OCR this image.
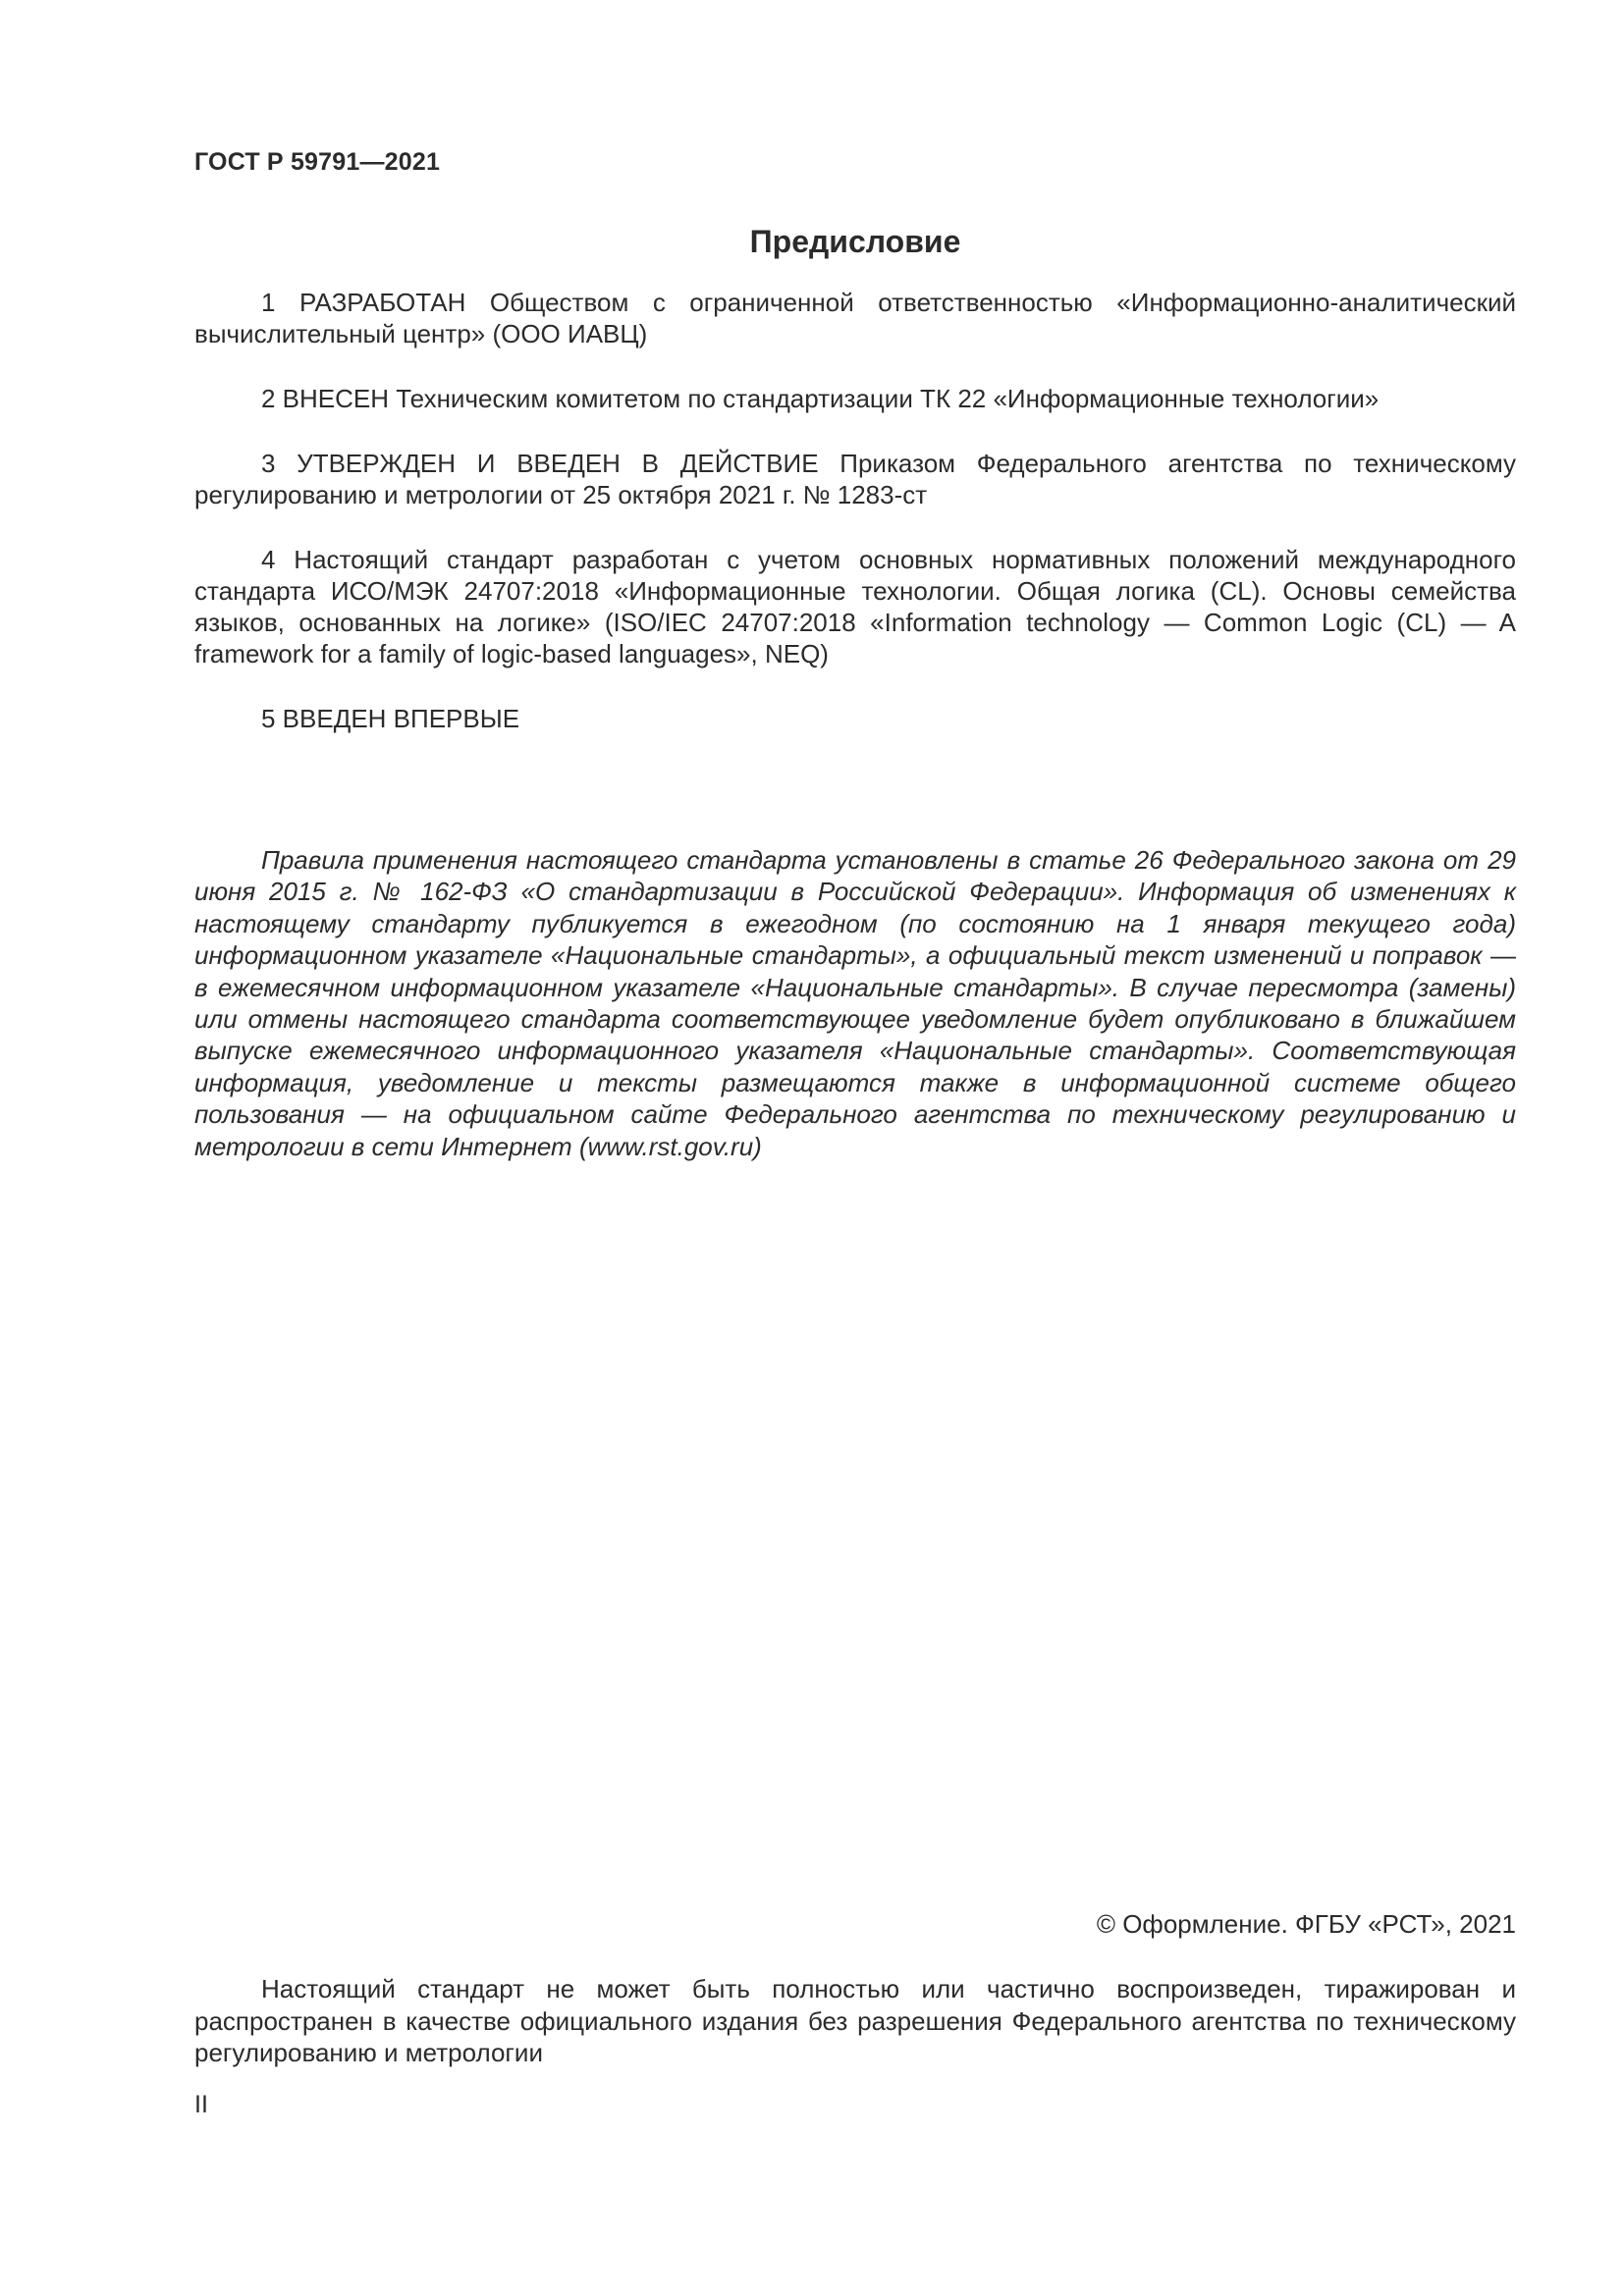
ГОСТ Р 59791—2021

Предисловие

1 РАЗРАБОТАН Обществом с ограниченной ответственностью «Информационно-аналитический вычислительный центр» (ООО ИАВЦ)

2 ВНЕСЕН Техническим комитетом по стандартизации ТК 22 «Информационные технологии»

3 УТВЕРЖДЕН И ВВЕДЕН В ДЕЙСТВИЕ Приказом Федерального агентства по техническому регулированию и метрологии от 25 октября 2021 г. № 1283-ст

4 Настоящий стандарт разработан с учетом основных нормативных положений международного стандарта ИСО/МЭК 24707:2018 «Информационные технологии. Общая логика (CL). Основы семейства языков, основанных на логике» (ISO/IEC 24707:2018 «Information technology — Common Logic (CL) — A framework for a family of logic-based languages», NEQ)

5 ВВЕДЕН ВПЕРВЫЕ

Правила применения настоящего стандарта установлены в статье 26 Федерального закона от 29 июня 2015 г. № 162-ФЗ «О стандартизации в Российской Федерации». Информация об изменениях к настоящему стандарту публикуется в ежегодном (по состоянию на 1 января текущего года) информационном указателе «Национальные стандарты», а официальный текст изменений и поправок — в ежемесячном информационном указателе «Национальные стандарты». В случае пересмотра (замены) или отмены настоящего стандарта соответствующее уведомление будет опубликовано в ближайшем выпуске ежемесячного информационного указателя «Национальные стандарты». Соответствующая информация, уведомление и тексты размещаются также в информационной системе общего пользования — на официальном сайте Федерального агентства по техническому регулированию и метрологии в сети Интернет (www.rst.gov.ru)

© Оформление. ФГБУ «РСТ», 2021

Настоящий стандарт не может быть полностью или частично воспроизведен, тиражирован и распространен в качестве официального издания без разрешения Федерального агентства по техническому регулированию и метрологии

II
